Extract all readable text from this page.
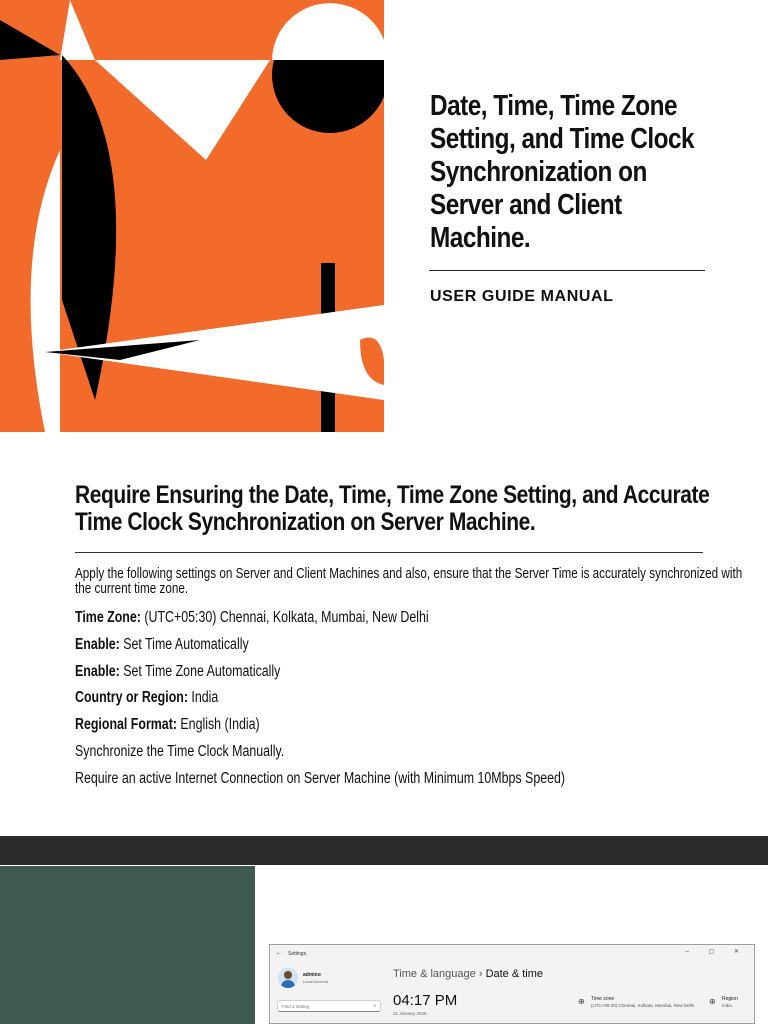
Date, Time, Time Zone Setting, and Time Clock Synchronization on Server and Client Machine.
USER GUIDE MANUAL
Require Ensuring the Date, Time, Time Zone Setting, and Accurate Time Clock Synchronization on Server Machine.
Apply the following settings on Server and Client Machines and also, ensure that the Server Time is accurately synchronized with the current time zone.
Time Zone: (UTC+05:30) Chennai, Kolkata, Mumbai, New Delhi
Enable: Set Time Automatically
Enable: Set Time Zone Automatically
Country or Region: India
Regional Format: English (India)
Synchronize the Time Clock Manually.
Require an active Internet Connection on Server Machine (with Minimum 10Mbps Speed)
← Settings	– ▢ ✕
admino
Local Account
Find a setting	⌕
Time & language › Date & time
04:17 PM
21 January 2025
⊕ Time zone
(UTC+05:30) Chennai, Kolkata, Mumbai, New Delhi ⊕ Region
India
